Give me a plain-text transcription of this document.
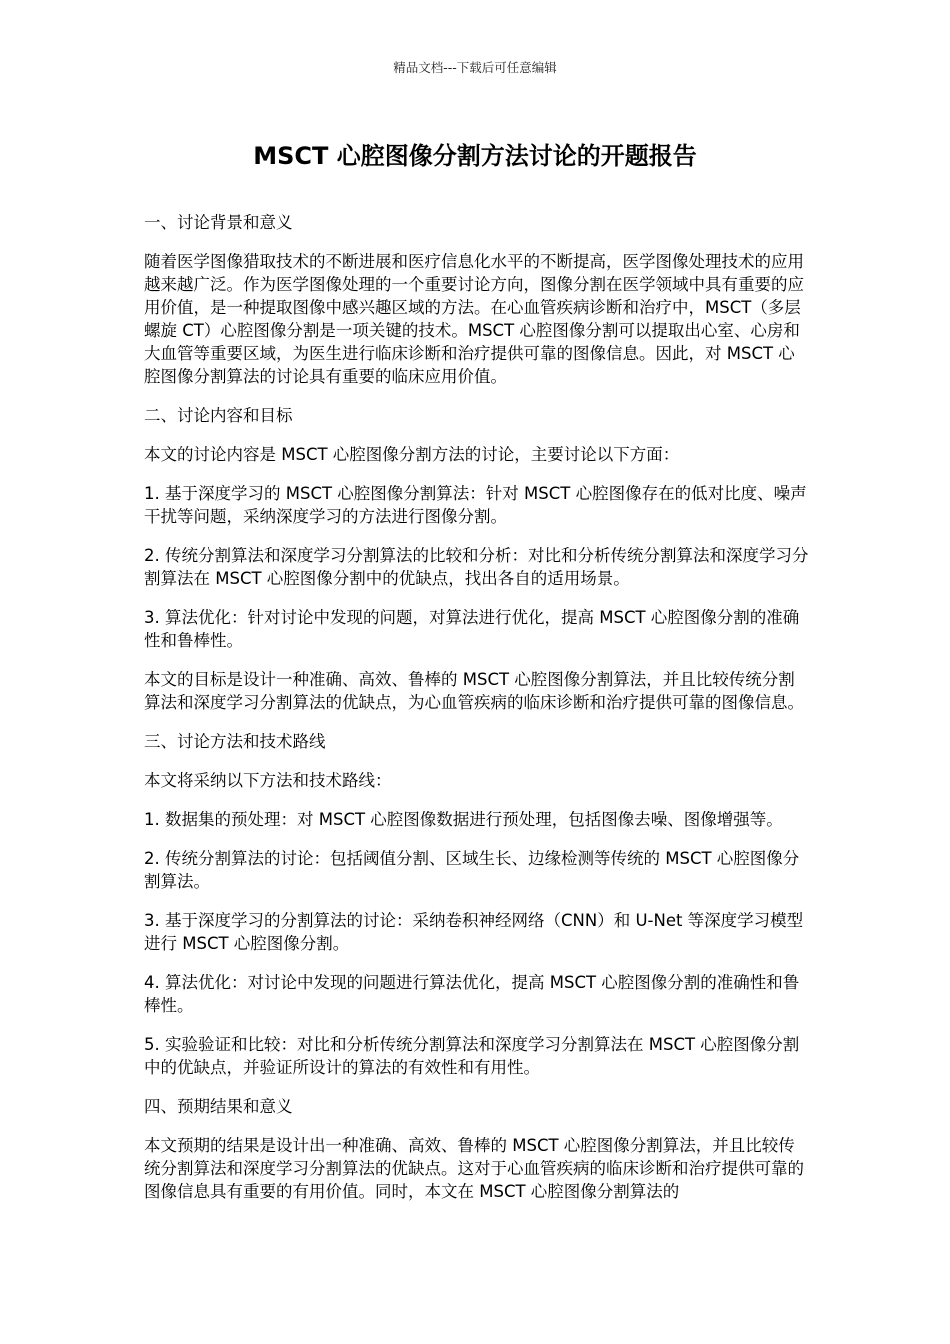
精品文档---下载后可任意编辑
MSCT 心腔图像分割方法讨论的开题报告

一、讨论背景和意义

随着医学图像猎取技术的不断进展和医疗信息化水平的不断提高，医学图像处理技术的应用越来越广泛。作为医学图像处理的一个重要讨论方向，图像分割在医学领域中具有重要的应用价值，是一种提取图像中感兴趣区域的方法。在心血管疾病诊断和治疗中，MSCT（多层螺旋 CT）心腔图像分割是一项关键的技术。MSCT 心腔图像分割可以提取出心室、心房和大血管等重要区域，为医生进行临床诊断和治疗提供可靠的图像信息。因此，对 MSCT 心腔图像分割算法的讨论具有重要的临床应用价值。

二、讨论内容和目标

本文的讨论内容是 MSCT 心腔图像分割方法的讨论，主要讨论以下方面：

1. 基于深度学习的 MSCT 心腔图像分割算法：针对 MSCT 心腔图像存在的低对比度、噪声干扰等问题，采纳深度学习的方法进行图像分割。

2. 传统分割算法和深度学习分割算法的比较和分析：对比和分析传统分割算法和深度学习分割算法在 MSCT 心腔图像分割中的优缺点，找出各自的适用场景。

3. 算法优化：针对讨论中发现的问题，对算法进行优化，提高 MSCT 心腔图像分割的准确性和鲁棒性。

本文的目标是设计一种准确、高效、鲁棒的 MSCT 心腔图像分割算法，并且比较传统分割算法和深度学习分割算法的优缺点，为心血管疾病的临床诊断和治疗提供可靠的图像信息。

三、讨论方法和技术路线

本文将采纳以下方法和技术路线：

1. 数据集的预处理：对 MSCT 心腔图像数据进行预处理，包括图像去噪、图像增强等。

2. 传统分割算法的讨论：包括阈值分割、区域生长、边缘检测等传统的 MSCT 心腔图像分割算法。

3. 基于深度学习的分割算法的讨论：采纳卷积神经网络（CNN）和 U-Net 等深度学习模型进行 MSCT 心腔图像分割。

4. 算法优化：对讨论中发现的问题进行算法优化，提高 MSCT 心腔图像分割的准确性和鲁棒性。

5. 实验验证和比较：对比和分析传统分割算法和深度学习分割算法在 MSCT 心腔图像分割中的优缺点，并验证所设计的算法的有效性和有用性。

四、预期结果和意义

本文预期的结果是设计出一种准确、高效、鲁棒的 MSCT 心腔图像分割算法，并且比较传统分割算法和深度学习分割算法的优缺点。这对于心血管疾病的临床诊断和治疗提供可靠的图像信息具有重要的有用价值。同时，本文在 MSCT 心腔图像分割算法的
